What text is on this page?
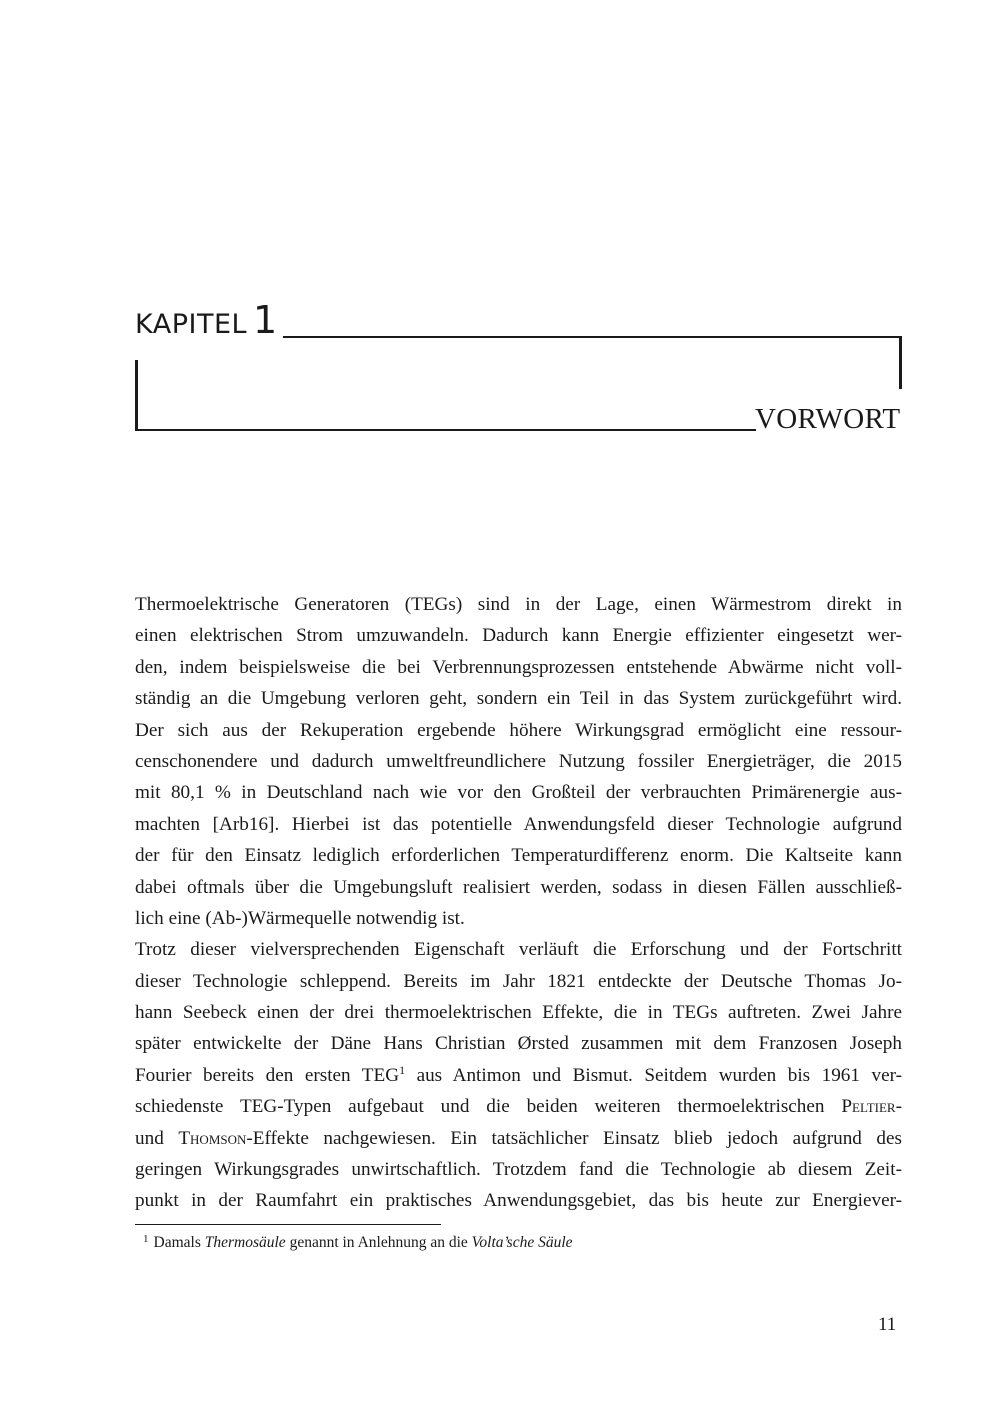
KAPITEL 1
VORWORT
Thermoelektrische Generatoren (TEGs) sind in der Lage, einen Wärmestrom direkt in
einen elektrischen Strom umzuwandeln. Dadurch kann Energie effizienter eingesetzt wer-
den, indem beispielsweise die bei Verbrennungsprozessen entstehende Abwärme nicht voll-
ständig an die Umgebung verloren geht, sondern ein Teil in das System zurückgeführt wird.
Der sich aus der Rekuperation ergebende höhere Wirkungsgrad ermöglicht eine ressour-
censchonendere und dadurch umweltfreundlichere Nutzung fossiler Energieträger, die 2015
mit 80,1 % in Deutschland nach wie vor den Großteil der verbrauchten Primärenergie aus-
machten [Arb16]. Hierbei ist das potentielle Anwendungsfeld dieser Technologie aufgrund
der für den Einsatz lediglich erforderlichen Temperaturdifferenz enorm. Die Kaltseite kann
dabei oftmals über die Umgebungsluft realisiert werden, sodass in diesen Fällen ausschließ-
lich eine (Ab-)Wärmequelle notwendig ist.
Trotz dieser vielversprechenden Eigenschaft verläuft die Erforschung und der Fortschritt
dieser Technologie schleppend. Bereits im Jahr 1821 entdeckte der Deutsche Thomas Jo-
hann Seebeck einen der drei thermoelektrischen Effekte, die in TEGs auftreten. Zwei Jahre
später entwickelte der Däne Hans Christian Ørsted zusammen mit dem Franzosen Joseph
Fourier bereits den ersten TEG$^1$ aus Antimon und Bismut. Seitdem wurden bis 1961 ver-
schiedenste TEG-Typen aufgebaut und die beiden weiteren thermoelektrischen Peltier-
und Thomson-Effekte nachgewiesen. Ein tatsächlicher Einsatz blieb jedoch aufgrund des
geringen Wirkungsgrades unwirtschaftlich. Trotzdem fand die Technologie ab diesem Zeit-
punkt in der Raumfahrt ein praktisches Anwendungsgebiet, das bis heute zur Energiever-
$^1$ Damals Thermosäule genannt in Anlehnung an die Volta’sche Säule
11
